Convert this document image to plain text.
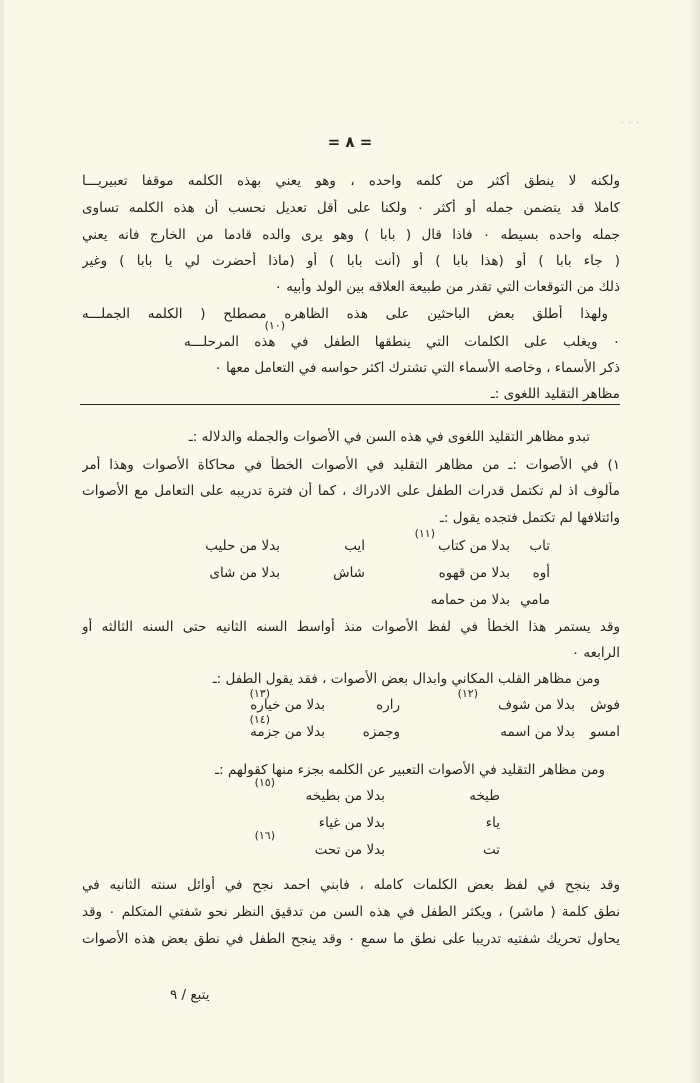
٠ ٠ ٠
= ٨ =
ولكنه لا ينطق أكثر من كلمه واحده ، وهو يعني بهذه الكلمه موقفا تعبيريـــا
كاملا قد يتضمن جمله أو أكثر ٠ ولكنا على أقل تعديل نحسب أن هذه الكلمه تساوى
جمله واحده بسيطه ٠ فاذا قال ( بابا ) وهو يرى والده قادما من الخارج فانه يعني
( جاء بابا ) أو (هذا بابا ) أو (أنت بابا ) أو (ماذا أحضرت لي يا بابا ) وغير
ذلك من التوقعات التي تقدر من طبيعة العلاقه بين الولد وأبيه ٠
ولهذا أطلق بعض الباحثين على هذه الظاهره مصطلح ( الكلمه الجملـــه
(١٠)
٠ ويغلب على الكلمات التي ينطقها الطفل في هذه المرحلـــه
ذكر الأسماء ، وخاصه الأسماء التي تشترك اكثر حواسه في التعامل معها ٠
مظاهر التقليد اللغوى :ـ
تبدو مظاهر التقليد اللغوى في هذه السن في الأصوات والجمله والدلاله :ـ
١) في الأصوات :ـ من مظاهر التقليد في الأصوات الخطأ في محاكاة الأصوات وهذا أمر
مألوف اذ لم تكتمل قدرات الطفل على الادراك ، كما أن فترة تدريبه على التعامل مع الأصوات
وائتلافها لم تكتمل فتجده يقول :ـ
(١١)
تاب
بدلا من كتاب
ايب
بدلا من حليب
أوه
بدلا من قهوه
شاش
بدلا من شاى
مامي
بدلا من حمامه
وقد يستمر هذا الخطأ في لفظ الأصوات منذ أواسط السنه الثانيه حتى السنه الثالثه أو
الرابعه ٠
ومن مظاهر القلب المكاني وابدال بعض الأصوات ، فقد يقول الطفل :ـ
(١٣)	(١٢)
فوش
بدلا من شوف
راره
بدلا من خياره
(١٤)
امسو
بدلا من اسمه
وجمزه
بدلا من جزمه
ومن مظاهر التقليد في الأصوات التعبير عن الكلمه بجزء منها كقولهم :ـ
(١٥)
طيخه
بدلا من بطيخه
ياء
بدلا من غياء
(١٦)
تت
بدلا من تحت
وقد ينجح في لفظ بعض الكلمات كامله ، فابني احمد نجح في أوائل سنته الثانيه في
نطق كلمة ( ماشر) ، ويكثر الطفل في هذه السن من تدقيق النظر نحو شفتي المتكلم ٠ وقد
يحاول تحريك شفتيه تدريبا على نطق ما سمع ٠ وقد ينجح الطفل في نطق بعض هذه الأصوات
يتبع / ٩
